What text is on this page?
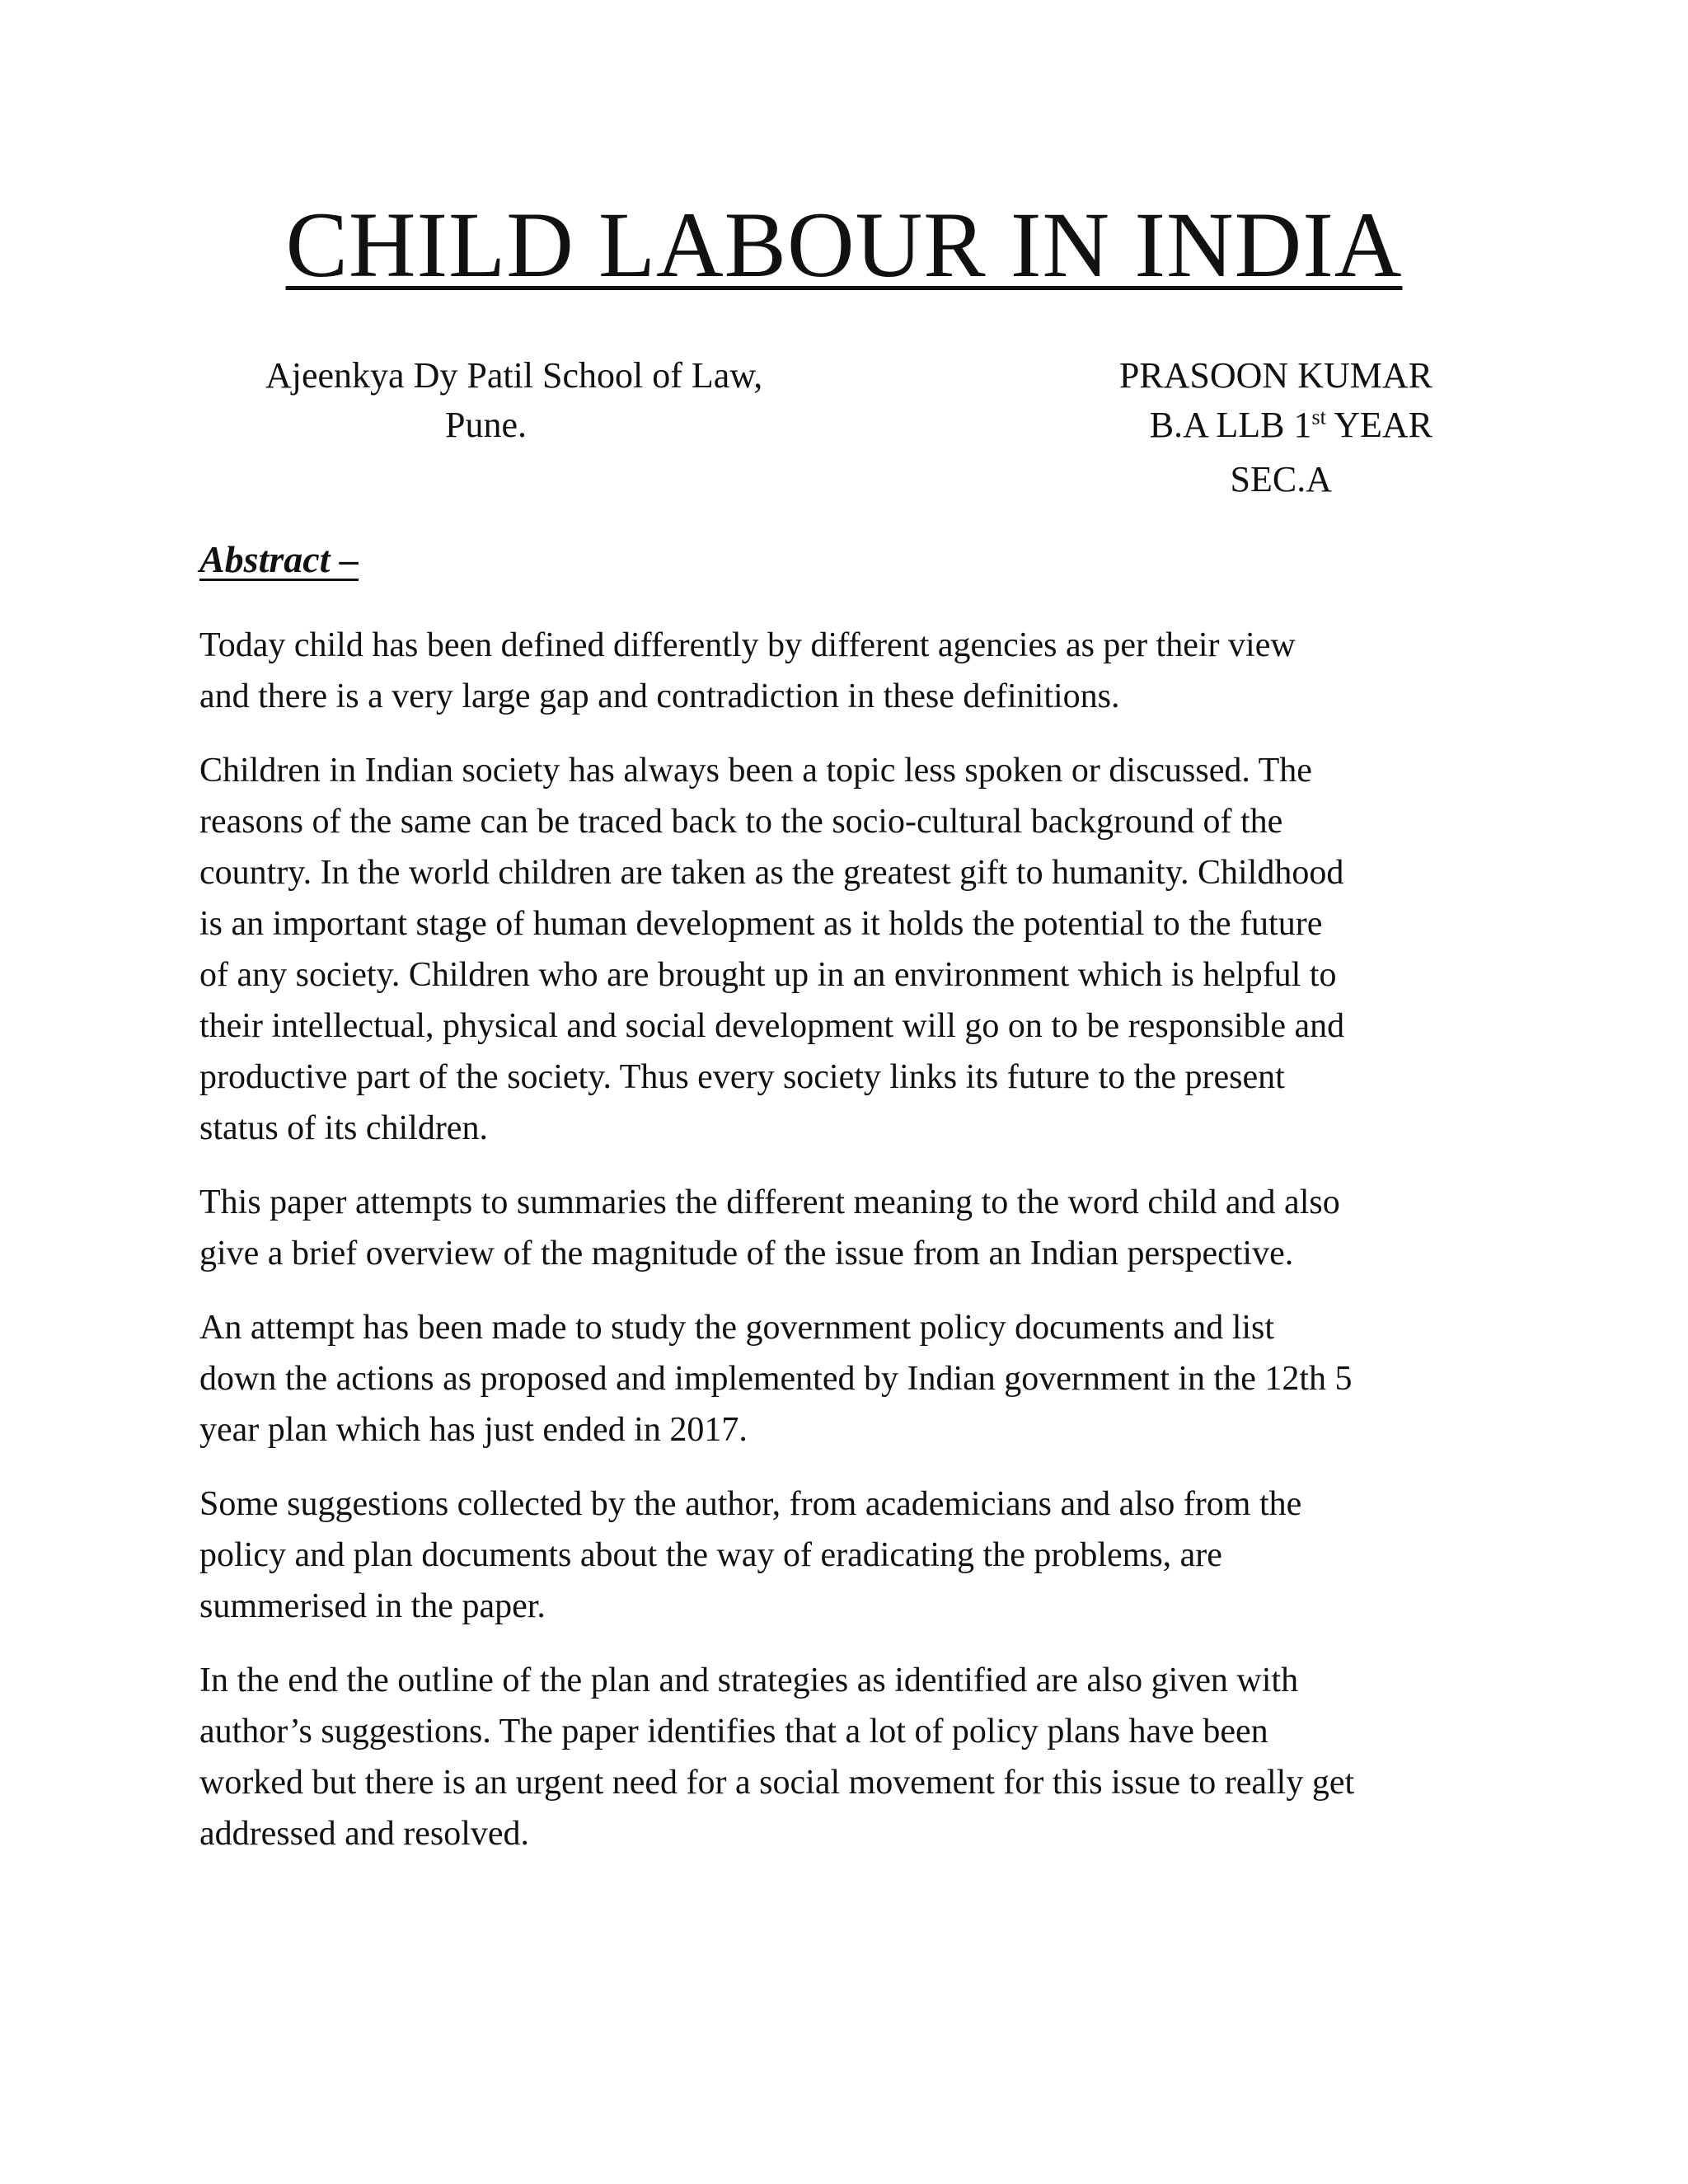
CHILD LABOUR IN INDIA
Ajeenkya Dy Patil School of Law,
Pune.
PRASOON KUMAR
B.A LLB 1st YEAR
SEC.A
Abstract –
Today child has been defined differently by different agencies as per their view
and there is a very large gap and contradiction in these definitions.
Children in Indian society has always been a topic less spoken or discussed. The
reasons of the same can be traced back to the socio-cultural background of the
country. In the world children are taken as the greatest gift to humanity. Childhood
is an important stage of human development as it holds the potential to the future
of any society. Children who are brought up in an environment which is helpful to
their intellectual, physical and social development will go on to be responsible and
productive part of the society. Thus every society links its future to the present
status of its children.
This paper attempts to summaries the different meaning to the word child and also
give a brief overview of the magnitude of the issue from an Indian perspective.
An attempt has been made to study the government policy documents and list
down the actions as proposed and implemented by Indian government in the 12th 5
year plan which has just ended in 2017.
Some suggestions collected by the author, from academicians and also from the
policy and plan documents about the way of eradicating the problems, are
summerised in the paper.
In the end the outline of the plan and strategies as identified are also given with
author’s suggestions. The paper identifies that a lot of policy plans have been
worked but there is an urgent need for a social movement for this issue to really get
addressed and resolved.
